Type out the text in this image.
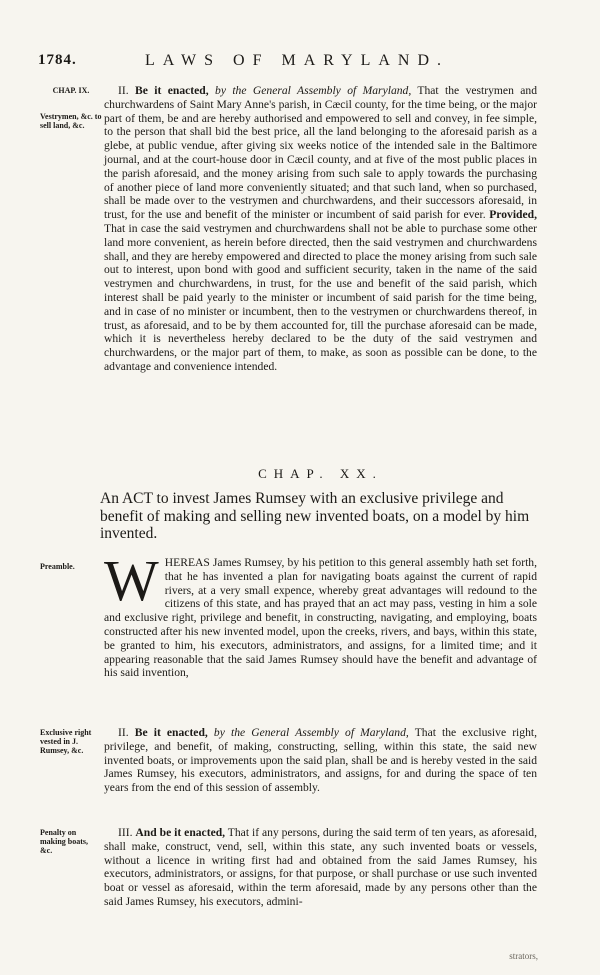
1784.	LAWS OF MARYLAND.
CHAP. IX.
Vestrymen, &c. to sell land, &c.
Preamble.
Exclusive right vested in J. Rumsey, &c.
Penalty on making boats, &c.

II. Be it enacted, by the General Assembly of Maryland, That the vestrymen and churchwardens of Saint Mary Anne's parish, in Cæcil county, for the time being, or the major part of them, be and are hereby authorised and empowered to sell and convey, in fee simple, to the person that shall bid the best price, all the land belonging to the aforesaid parish as a glebe, at public vendue, after giving six weeks notice of the intended sale in the Baltimore journal, and at the court-house door in Cæcil county, and at five of the most public places in the parish aforesaid, and the money arising from such sale to apply towards the purchasing of another piece of land more conveniently situated; and that such land, when so purchased, shall be made over to the vestrymen and churchwardens, and their successors aforesaid, in trust, for the use and benefit of the minister or incumbent of said parish for ever. Provided, That in case the said vestrymen and churchwardens shall not be able to purchase some other land more convenient, as herein before directed, then the said vestrymen and churchwardens shall, and they are hereby empowered and directed to place the money arising from such sale out to interest, upon bond with good and sufficient security, taken in the name of the said vestrymen and churchwardens, in trust, for the use and benefit of the said parish, which interest shall be paid yearly to the minister or incumbent of said parish for the time being, and in case of no minister or incumbent, then to the vestrymen or churchwardens thereof, in trust, as aforesaid, and to be by them accounted for, till the purchase aforesaid can be made, which it is nevertheless hereby declared to be the duty of the said vestrymen and churchwardens, or the major part of them, to make, as soon as possible can be done, to the advantage and convenience intended.

CHAP. XX.
An ACT to invest James Rumsey with an exclusive privilege and benefit of making and selling new invented boats, on a model by him invented.

W HEREAS James Rumsey, by his petition to this general assembly hath set forth, that he has invented a plan for navigating boats against the current of rapid rivers, at a very small expence, whereby great advantages will redound to the citizens of this state, and has prayed that an act may pass, vesting in him a sole and exclusive right, privilege and benefit, in constructing, navigating, and employing, boats constructed after his new invented model, upon the creeks, rivers, and bays, within this state, be granted to him, his executors, administrators, and assigns, for a limited time; and it appearing reasonable that the said James Rumsey should have the benefit and advantage of his said invention,

II. Be it enacted, by the General Assembly of Maryland, That the exclusive right, privilege, and benefit, of making, constructing, selling, within this state, the said new invented boats, or improvements upon the said plan, shall be and is hereby vested in the said James Rumsey, his executors, administrators, and assigns, for and during the space of ten years from the end of this session of assembly.

III. And be it enacted, That if any persons, during the said term of ten years, as aforesaid, shall make, construct, vend, sell, within this state, any such invented boats or vessels, without a licence in writing first had and obtained from the said James Rumsey, his executors, administrators, or assigns, for that purpose, or shall purchase or use such invented boat or vessel as aforesaid, within the term aforesaid, made by any persons other than the said James Rumsey, his executors, admini-

strators,
